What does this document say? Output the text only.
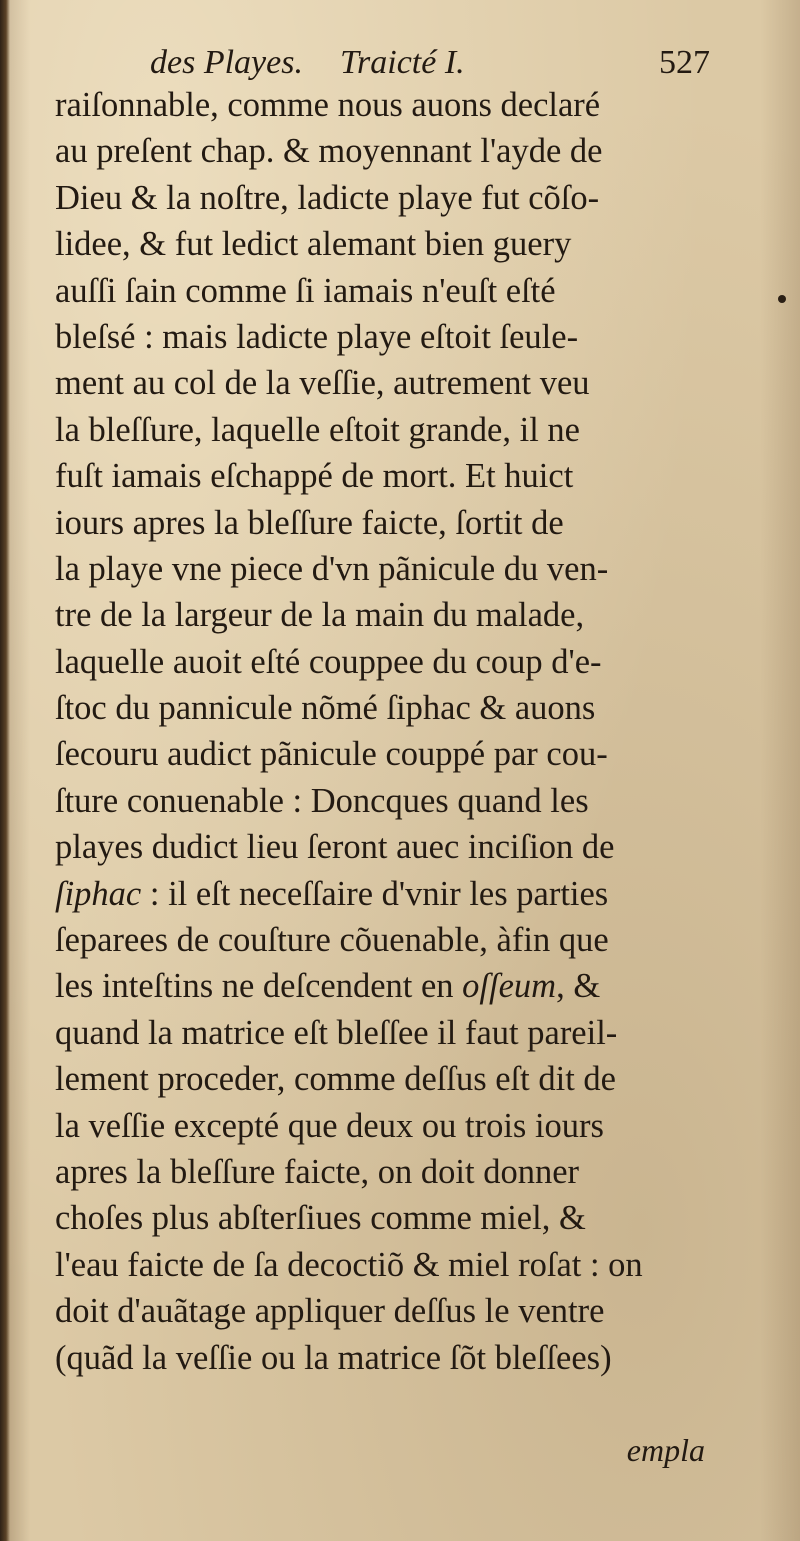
des Playes. Traicté I.	527
raiſonnable, comme nous auons declaré
au preſent chap. & moyennant l'ayde de
Dieu & la noſtre, ladicte playe fut cõſo-
lidee, & fut ledict alemant bien guery
auſſi ſain comme ſi iamais n'euſt eſté
bleſsé : mais ladicte playe eſtoit ſeule-
ment au col de la veſſie, autrement veu
la bleſſure, laquelle eſtoit grande, il ne
fuſt iamais eſchappé de mort. Et huict
iours apres la bleſſure faicte, ſortit de
la playe vne piece d'vn pãnicule du ven-
tre de la largeur de la main du malade,
laquelle auoit eſté couppee du coup d'e-
ſtoc du pannicule nõmé ſiphac & auons
ſecouru audict pãnicule couppé par cou-
ſture conuenable : Doncques quand les
playes dudict lieu ſeront auec inciſion de
ſiphac : il eſt neceſſaire d'vnir les parties
ſeparees de couſture cõuenable, àfin que
les inteſtins ne deſcendent en oſſeum, &
quand la matrice eſt bleſſee il faut pareil-
lement proceder, comme deſſus eſt dit de
la veſſie excepté que deux ou trois iours
apres la bleſſure faicte, on doit donner
choſes plus abſterſiues comme miel, &
l'eau faicte de ſa decoctiõ & miel roſat : on
doit d'auãtage appliquer deſſus le ventre
(quãd la veſſie ou la matrice ſõt bleſſees)
empla
